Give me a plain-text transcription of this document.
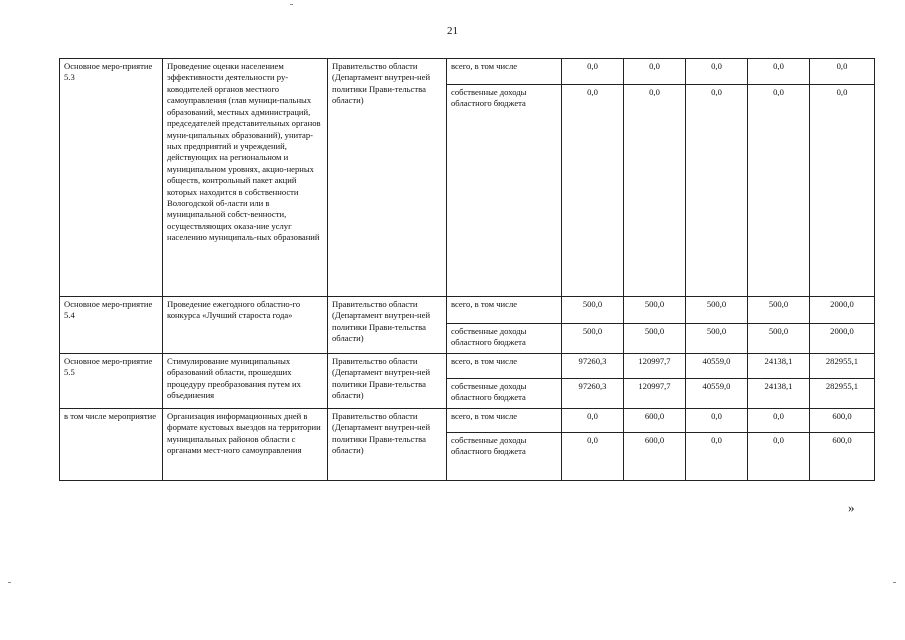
21
Основное меро-приятие 5.3	Проведение оценки населением эффективности деятельности ру-ководителей органов местного самоуправления (глав муници-пальных образований, местных администраций, председателей представительных органов муни-ципальных образований), унитар-ных предприятий и учреждений, действующих на региональном и муниципальном уровнях, акцио-нерных обществ, контрольный пакет акций которых находится в собственности Вологодской об-ласти или в муниципальной собст-венности, осуществляющих оказа-ние услуг населению муниципаль-ных образований	Правительство области (Департамент внутрен-ней политики Прави-тельства области)	всего, в том числе	0,0	0,0	0,0	0,0	0,0
			собственные доходы областного бюджета	0,0	0,0	0,0	0,0	0,0
Основное меро-приятие 5.4	Проведение ежегодного областно-го конкурса «Лучший староста года»	Правительство области (Департамент внутрен-ней политики Прави-тельства области)	всего, в том числе	500,0	500,0	500,0	500,0	2000,0
			собственные доходы областного бюджета	500,0	500,0	500,0	500,0	2000,0
Основное меро-приятие 5.5	Стимулирование муниципальных образований области, прошедших процедуру преобразования путем их объединения	Правительство области (Департамент внутрен-ней политики Прави-тельства области)	всего, в том числе	97260,3	120997,7	40559,0	24138,1	282955,1
			собственные доходы областного бюджета	97260,3	120997,7	40559,0	24138,1	282955,1
в том числе мероприятие	Организация информационных дней в формате кустовых выездов на территории муниципальных районов области с органами мест-ного самоуправления	Правительство области (Департамент внутрен-ней политики Прави-тельства области)	всего, в том числе	0,0	600,0	0,0	0,0	600,0
			собственные доходы областного бюджета	0,0	600,0	0,0	0,0	600,0
»
